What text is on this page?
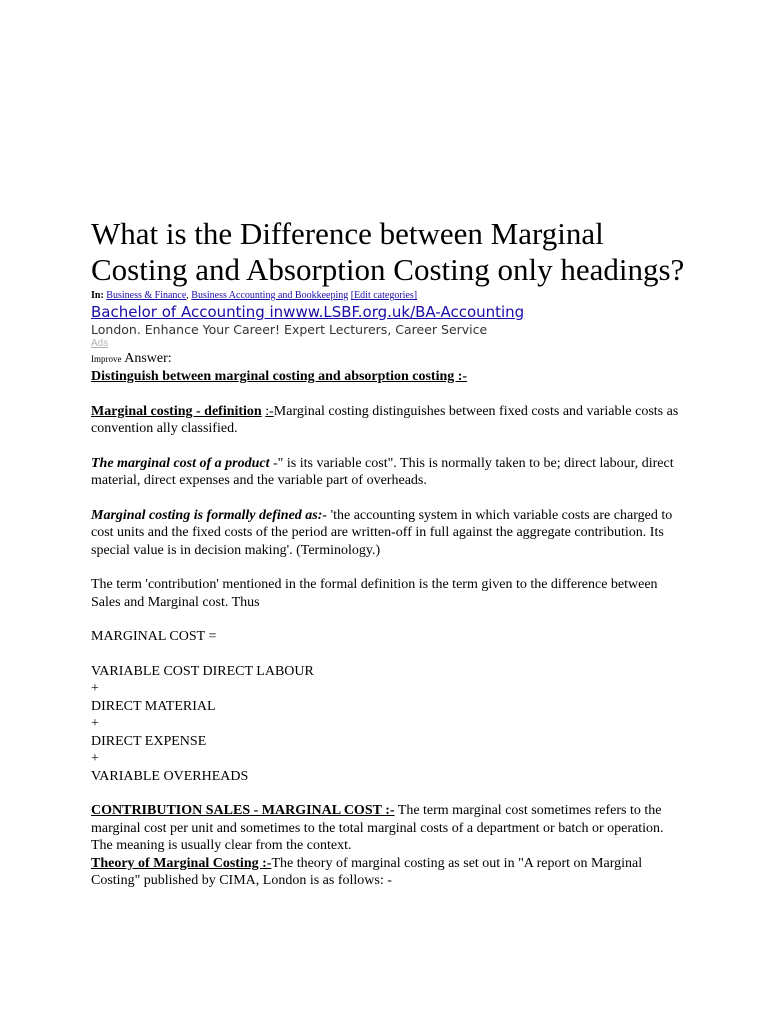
What is the Difference between Marginal Costing and Absorption Costing only headings?
In: Business & Finance, Business Accounting and Bookkeeping [Edit categories]
Bachelor of Accounting inwww.LSBF.org.uk/BA-Accounting
London. Enhance Your Career! Expert Lecturers, Career Service
Ads
Improve Answer:

Distinguish between marginal costing and absorption costing :-

Marginal costing - definition :-Marginal costing distinguishes between fixed costs and variable costs as convention ally classified.

The marginal cost of a product -" is its variable cost". This is normally taken to be; direct labour, direct material, direct expenses and the variable part of overheads.

Marginal costing is formally defined as:- 'the accounting system in which variable costs are charged to cost units and the fixed costs of the period are written-off in full against the aggregate contribution. Its special value is in decision making'. (Terminology.)

The term 'contribution' mentioned in the formal definition is the term given to the difference between Sales and Marginal cost. Thus

MARGINAL COST =

VARIABLE COST DIRECT LABOUR

+

DIRECT MATERIAL

+

DIRECT EXPENSE

+

VARIABLE OVERHEADS

CONTRIBUTION SALES - MARGINAL COST :- The term marginal cost sometimes refers to the marginal cost per unit and sometimes to the total marginal costs of a department or batch or operation. The meaning is usually clear from the context.

Theory of Marginal Costing :-The theory of marginal costing as set out in "A report on Marginal Costing" published by CIMA, London is as follows: -
